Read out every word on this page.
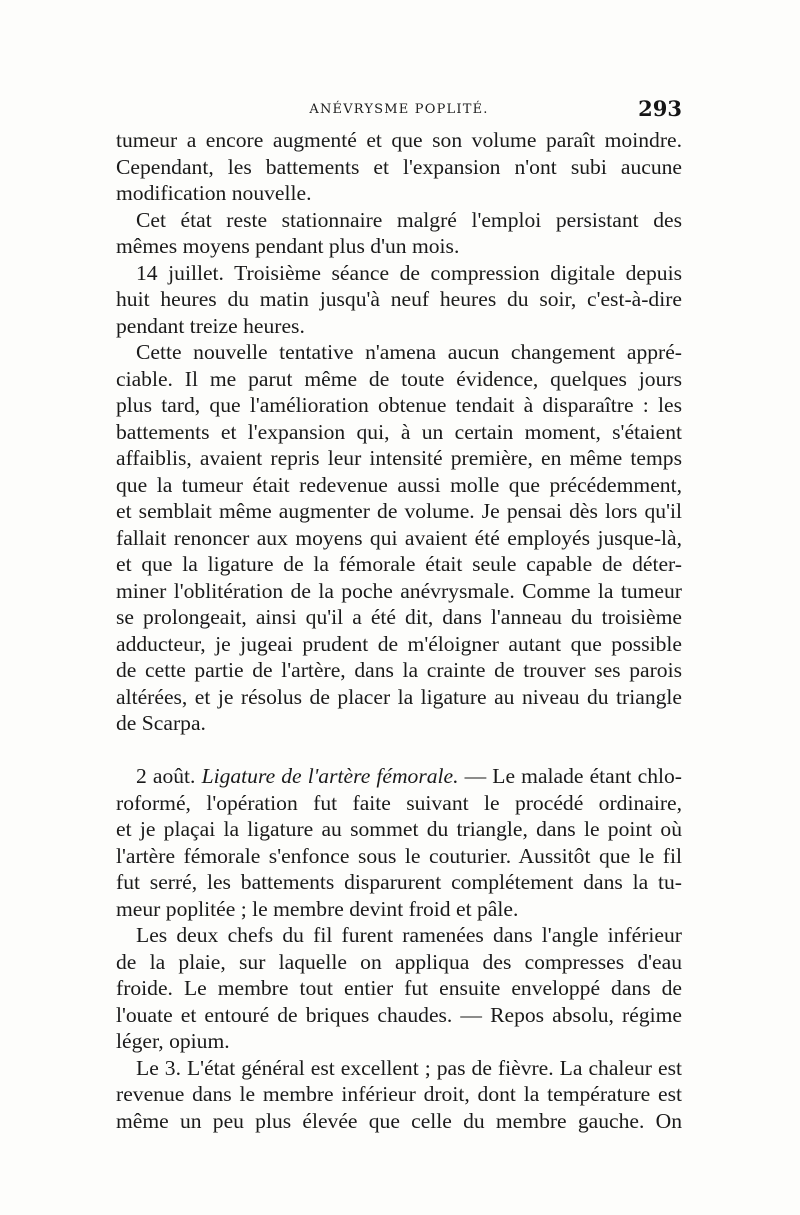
ANÉVRYSME POPLITÉ.	293
tumeur a encore augmenté et que son volume paraît moindre.
Cependant, les battements et l'expansion n'ont subi aucune
modification nouvelle.
Cet état reste stationnaire malgré l'emploi persistant des
mêmes moyens pendant plus d'un mois.
14 juillet. Troisième séance de compression digitale depuis
huit heures du matin jusqu'à neuf heures du soir, c'est-à-dire
pendant treize heures.
Cette nouvelle tentative n'amena aucun changement appré-
ciable. Il me parut même de toute évidence, quelques jours
plus tard, que l'amélioration obtenue tendait à disparaître : les
battements et l'expansion qui, à un certain moment, s'étaient
affaiblis, avaient repris leur intensité première, en même temps
que la tumeur était redevenue aussi molle que précédemment,
et semblait même augmenter de volume. Je pensai dès lors qu'il
fallait renoncer aux moyens qui avaient été employés jusque-là,
et que la ligature de la fémorale était seule capable de déter-
miner l'oblitération de la poche anévrysmale. Comme la tumeur
se prolongeait, ainsi qu'il a été dit, dans l'anneau du troisième
adducteur, je jugeai prudent de m'éloigner autant que possible
de cette partie de l'artère, dans la crainte de trouver ses parois
altérées, et je résolus de placer la ligature au niveau du triangle
de Scarpa.
2 août. Ligature de l'artère fémorale. — Le malade étant chlo-
roformé, l'opération fut faite suivant le procédé ordinaire,
et je plaçai la ligature au sommet du triangle, dans le point où
l'artère fémorale s'enfonce sous le couturier. Aussitôt que le fil
fut serré, les battements disparurent complétement dans la tu-
meur poplitée ; le membre devint froid et pâle.
Les deux chefs du fil furent ramenées dans l'angle inférieur
de la plaie, sur laquelle on appliqua des compresses d'eau
froide. Le membre tout entier fut ensuite enveloppé dans de
l'ouate et entouré de briques chaudes. — Repos absolu, régime
léger, opium.
Le 3. L'état général est excellent ; pas de fièvre. La chaleur est
revenue dans le membre inférieur droit, dont la température est
même un peu plus élevée que celle du membre gauche. On
